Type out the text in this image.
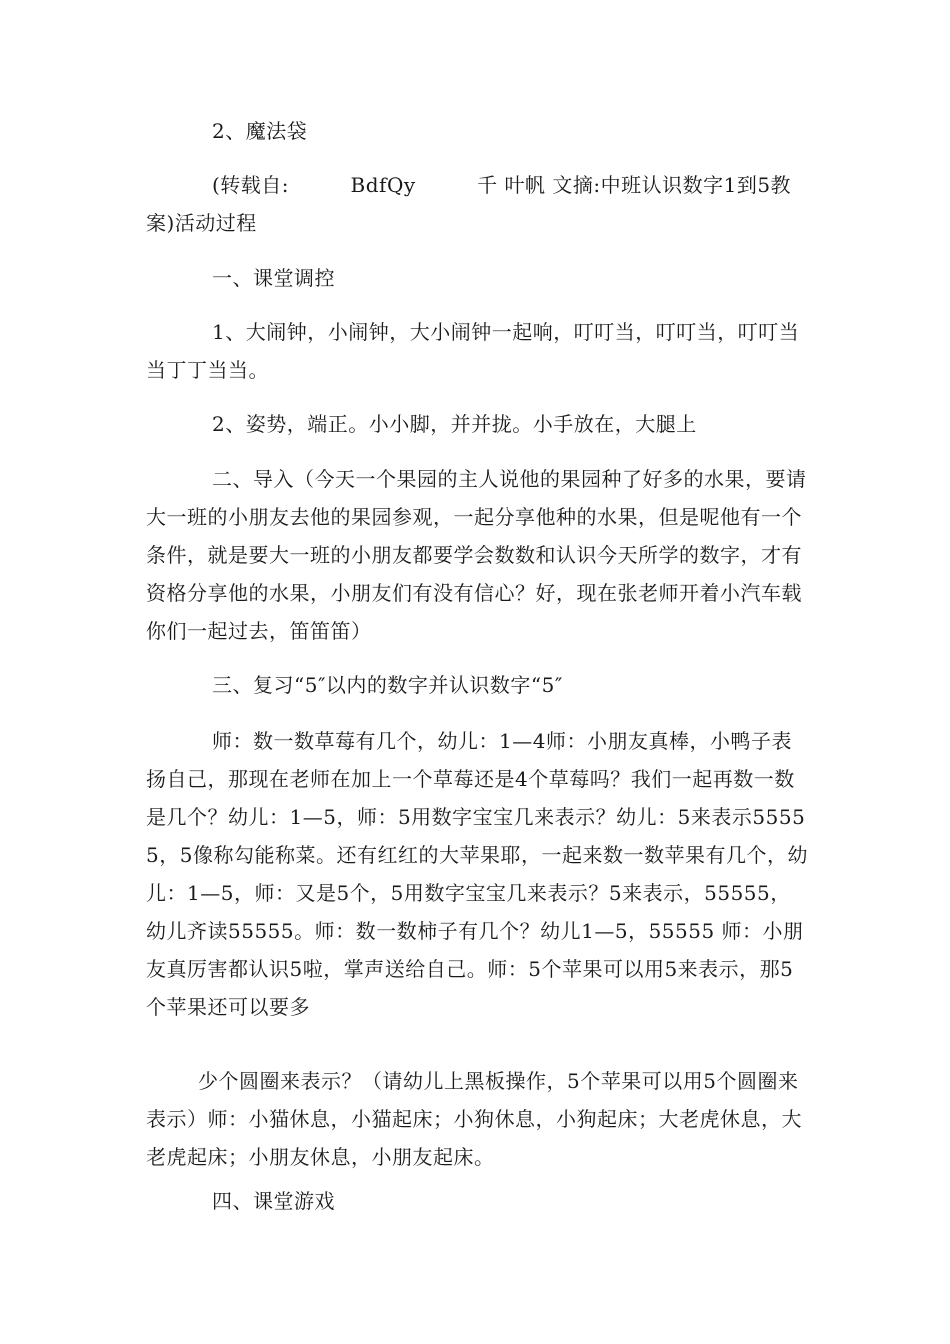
2、魔法袋

(转载自:　　　BdfQy　　　千 叶帆 文摘:中班认识数字1到5教案)活动过程

一、课堂调控

1、大闹钟，小闹钟，大小闹钟一起响，叮叮当，叮叮当，叮叮当当丁丁当当。

2、姿势，端正。小小脚，并并拢。小手放在，大腿上

二、导入（今天一个果园的主人说他的果园种了好多的水果，要请大一班的小朋友去他的果园参观，一起分享他种的水果，但是呢他有一个条件，就是要大一班的小朋友都要学会数数和认识今天所学的数字，才有资格分享他的水果，小朋友们有没有信心？好，现在张老师开着小汽车载你们一起过去，笛笛笛）

三、复习“5″以内的数字并认识数字“5″

师：数一数草莓有几个，幼儿：1—4师：小朋友真棒，小鸭子表扬自己，那现在老师在加上一个草莓还是4个草莓吗？我们一起再数一数是几个？幼儿：1—5，师：5用数字宝宝几来表示？幼儿：5来表示55555，5像称勾能称菜。还有红红的大苹果耶，一起来数一数苹果有几个，幼儿：1—5，师：又是5个，5用数字宝宝几来表示？5来表示，55555，幼儿齐读55555。师：数一数柿子有几个？幼儿1—5，55555 师：小朋友真厉害都认识5啦，掌声送给自己。师：5个苹果可以用5来表示，那5个苹果还可以要多

少个圆圈来表示？（请幼儿上黑板操作，5个苹果可以用5个圆圈来表示）师：小猫休息，小猫起床；小狗休息，小狗起床；大老虎休息，大老虎起床；小朋友休息，小朋友起床。

四、课堂游戏
